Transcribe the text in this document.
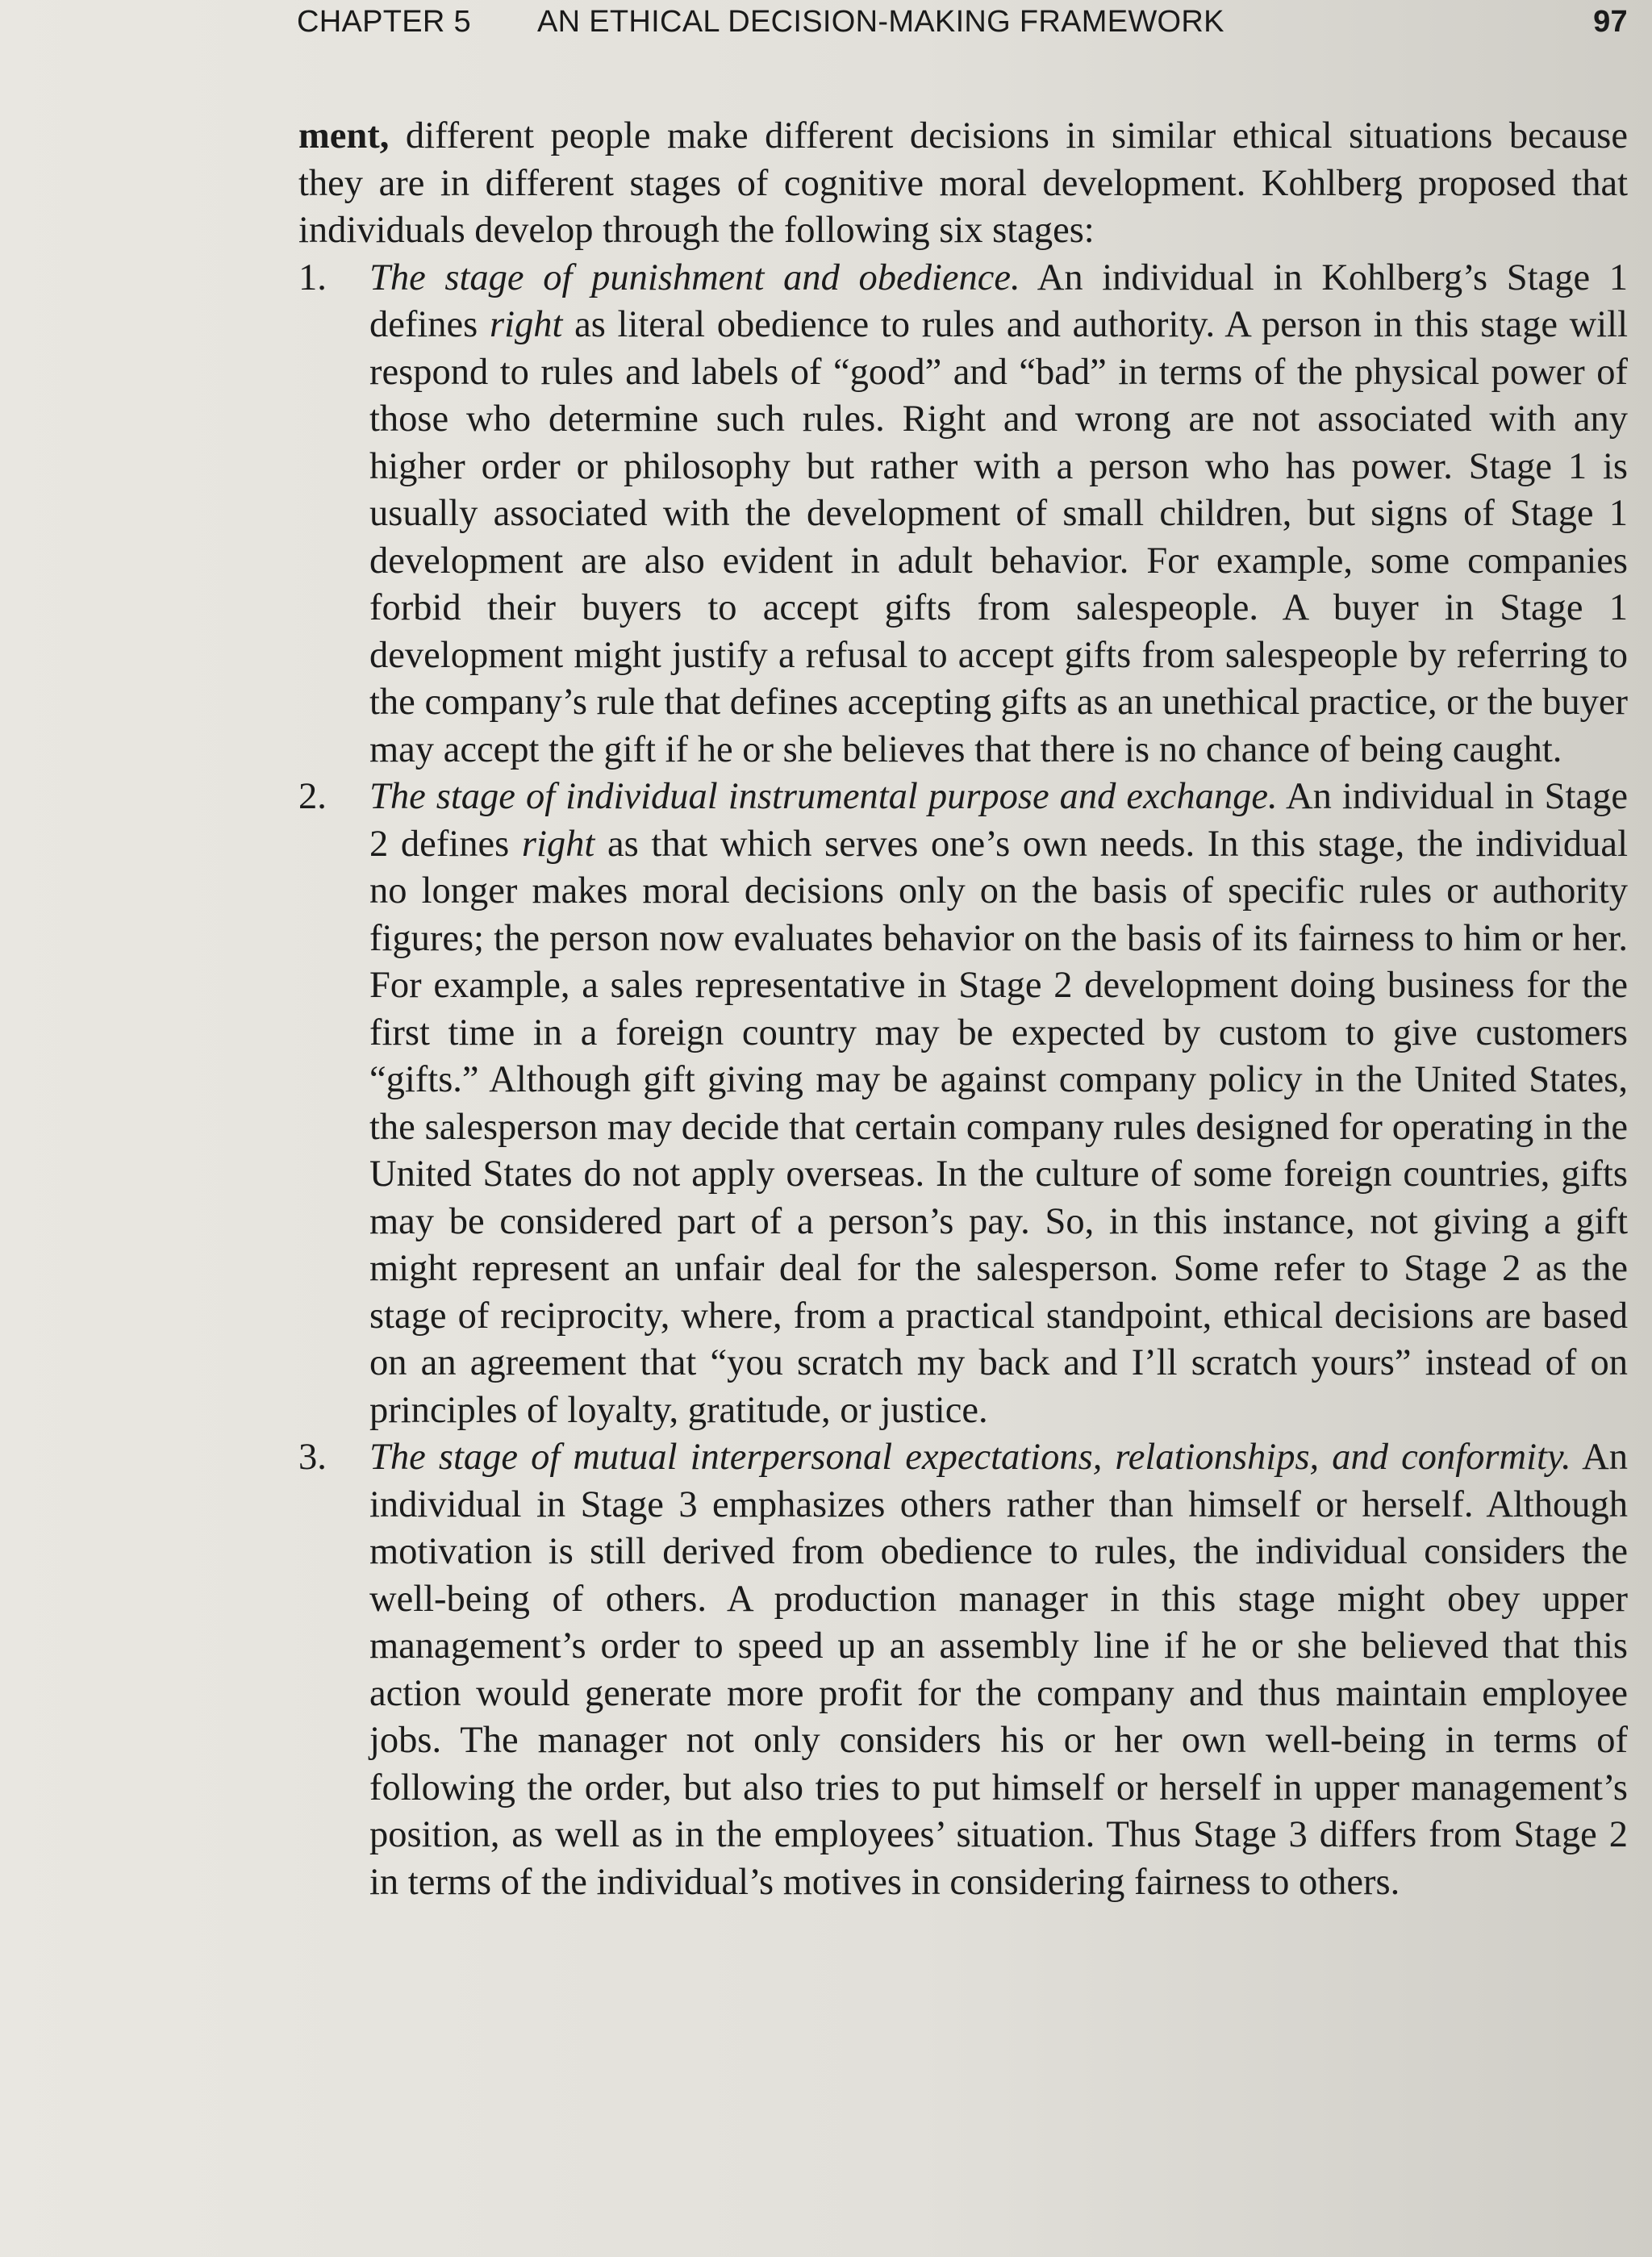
CHAPTER 5 AN ETHICAL DECISION-MAKING FRAMEWORK	97

ment, different people make different decisions in similar ethical situations because they are in different stages of cognitive moral development. Kohlberg proposed that individuals develop through the following six stages:

1.	The stage of punishment and obedience. An individual in Kohlberg’s Stage 1 defines right as literal obedience to rules and authority. A person in this stage will respond to rules and labels of “good” and “bad” in terms of the physical power of those who determine such rules. Right and wrong are not associated with any higher order or philosophy but rather with a person who has power. Stage 1 is usually associated with the development of small children, but signs of Stage 1 development are also evident in adult behavior. For example, some companies forbid their buyers to accept gifts from salespeople. A buyer in Stage 1 development might justify a refusal to accept gifts from salespeople by referring to the company’s rule that defines accepting gifts as an unethical practice, or the buyer may accept the gift if he or she believes that there is no chance of being caught.
2.	The stage of individual instrumental purpose and exchange. An individual in Stage 2 defines right as that which serves one’s own needs. In this stage, the individual no longer makes moral decisions only on the basis of specific rules or authority figures; the person now evaluates behavior on the basis of its fairness to him or her. For example, a sales representative in Stage 2 development doing business for the first time in a foreign country may be expected by custom to give customers “gifts.” Although gift giving may be against company policy in the United States, the salesperson may decide that certain company rules designed for operating in the United States do not apply overseas. In the culture of some foreign countries, gifts may be considered part of a person’s pay. So, in this instance, not giving a gift might represent an unfair deal for the salesperson. Some refer to Stage 2 as the stage of reciprocity, where, from a practical standpoint, ethical decisions are based on an agreement that “you scratch my back and I’ll scratch yours” instead of on principles of loyalty, gratitude, or justice.
3.	The stage of mutual interpersonal expectations, relationships, and conformity. An individual in Stage 3 emphasizes others rather than himself or herself. Although motivation is still derived from obedience to rules, the individual considers the well-being of others. A production manager in this stage might obey upper management’s order to speed up an assembly line if he or she believed that this action would generate more profit for the company and thus maintain employee jobs. The manager not only considers his or her own well-being in terms of following the order, but also tries to put himself or herself in upper management’s position, as well as in the employees’ situation. Thus Stage 3 differs from Stage 2 in terms of the individual’s motives in considering fairness to others.
